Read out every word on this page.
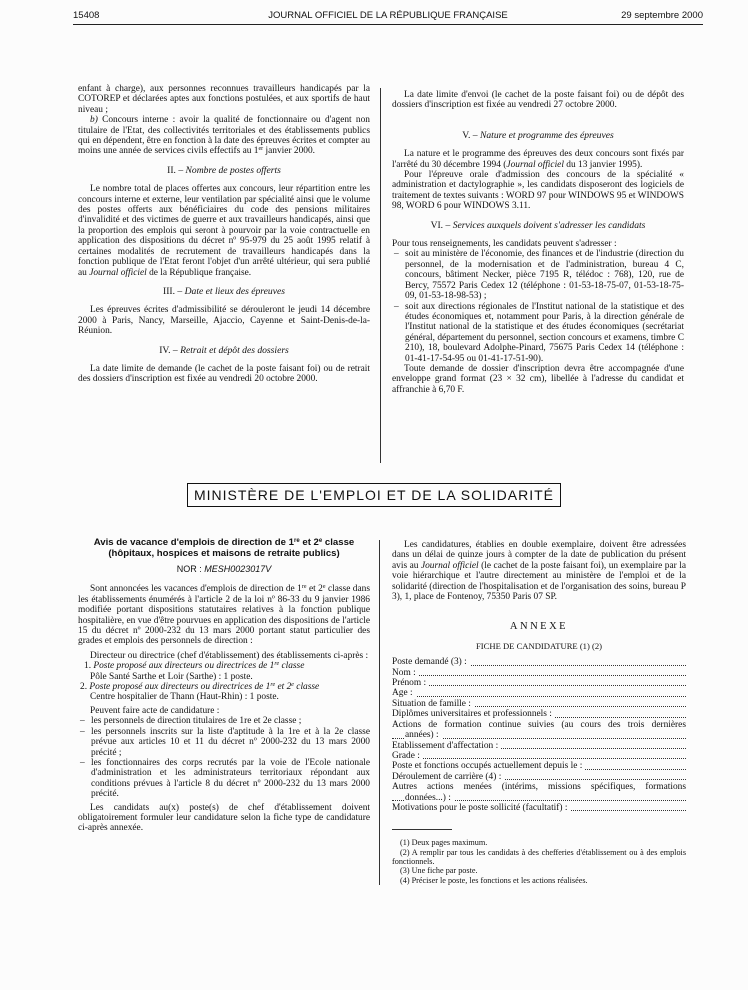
15408	JOURNAL OFFICIEL DE LA RÉPUBLIQUE FRANÇAISE	29 septembre 2000

enfant à charge), aux personnes reconnues travailleurs handicapés par la COTOREP et déclarées aptes aux fonctions postulées, et aux sportifs de haut niveau ;

b) Concours interne : avoir la qualité de fonctionnaire ou d'agent non titulaire de l'Etat, des collectivités territoriales et des établissements publics qui en dépendent, être en fonction à la date des épreuves écrites et compter au moins une année de services civils effectifs au 1er janvier 2000.

II. – Nombre de postes offerts

Le nombre total de places offertes aux concours, leur répartition entre les concours interne et externe, leur ventilation par spécialité ainsi que le volume des postes offerts aux bénéficiaires du code des pensions militaires d'invalidité et des victimes de guerre et aux travailleurs handicapés, ainsi que la proportion des emplois qui seront à pourvoir par la voie contractuelle en application des dispositions du décret nº 95-979 du 25 août 1995 relatif à certaines modalités de recrutement de travailleurs handicapés dans la fonction publique de l'Etat feront l'objet d'un arrêté ultérieur, qui sera publié au Journal officiel de la République française.

III. – Date et lieux des épreuves

Les épreuves écrites d'admissibilité se dérouleront le jeudi 14 décembre 2000 à Paris, Nancy, Marseille, Ajaccio, Cayenne et Saint-Denis-de-la-Réunion.

IV. – Retrait et dépôt des dossiers

La date limite de demande (le cachet de la poste faisant foi) ou de retrait des dossiers d'inscription est fixée au vendredi 20 octobre 2000.

La date limite d'envoi (le cachet de la poste faisant foi) ou de dépôt des dossiers d'inscription est fixée au vendredi 27 octobre 2000.

V. – Nature et programme des épreuves

La nature et le programme des épreuves des deux concours sont fixés par l'arrêté du 30 décembre 1994 (Journal officiel du 13 janvier 1995).

Pour l'épreuve orale d'admission des concours de la spécialité « administration et dactylographie », les candidats disposeront des logiciels de traitement de textes suivants : WORD 97 pour WINDOWS 95 et WINDOWS 98, WORD 6 pour WINDOWS 3.11.

VI. – Services auxquels doivent s'adresser les candidats

Pour tous renseignements, les candidats peuvent s'adresser :

– soit au ministère de l'économie, des finances et de l'industrie (direction du personnel, de la modernisation et de l'administration, bureau 4 C, concours, bâtiment Necker, pièce 7195 R, télédoc : 768), 120, rue de Bercy, 75572 Paris Cedex 12 (téléphone : 01-53-18-75-07, 01-53-18-75-09, 01-53-18-98-53) ;
– soit aux directions régionales de l'Institut national de la statistique et des études économiques et, notamment pour Paris, à la direction générale de l'Institut national de la statistique et des études économiques (secrétariat général, département du personnel, section concours et examens, timbre C 210), 18, boulevard Adolphe-Pinard, 75675 Paris Cedex 14 (téléphone : 01-41-17-54-95 ou 01-41-17-51-90).

Toute demande de dossier d'inscription devra être accompagnée d'une enveloppe grand format (23 × 32 cm), libellée à l'adresse du candidat et affranchie à 6,70 F.

MINISTÈRE DE L'EMPLOI ET DE LA SOLIDARITÉ
Avis de vacance d'emplois de direction de 1re et 2e classe
(hôpitaux, hospices et maisons de retraite publics)
NOR : MESH0023017V

Sont annoncées les vacances d'emplois de direction de 1re et 2e classe dans les établissements énumérés à l'article 2 de la loi nº 86-33 du 9 janvier 1986 modifiée portant dispositions statutaires relatives à la fonction publique hospitalière, en vue d'être pourvues en application des dispositions de l'article 15 du décret nº 2000-232 du 13 mars 2000 portant statut particulier des grades et emplois des personnels de direction :

Directeur ou directrice (chef d'établissement) des établissements ci-après :

1. Poste proposé aux directeurs ou directrices de 1re classe

Pôle Santé Sarthe et Loir (Sarthe) : 1 poste.

2. Poste proposé aux directeurs ou directrices de 1re et 2e classe

Centre hospitalier de Thann (Haut-Rhin) : 1 poste.

Peuvent faire acte de candidature :

– les personnels de direction titulaires de 1re et 2e classe ;
– les personnels inscrits sur la liste d'aptitude à la 1re et à la 2e classe prévue aux articles 10 et 11 du décret nº 2000-232 du 13 mars 2000 précité ;
– les fonctionnaires des corps recrutés par la voie de l'Ecole nationale d'administration et les administrateurs territoriaux répondant aux conditions prévues à l'article 8 du décret nº 2000-232 du 13 mars 2000 précité.

Les candidats au(x) poste(s) de chef d'établissement doivent obligatoirement formuler leur candidature selon la fiche type de candidature ci-après annexée.

Les candidatures, établies en double exemplaire, doivent être adressées dans un délai de quinze jours à compter de la date de publication du présent avis au Journal officiel (le cachet de la poste faisant foi), un exemplaire par la voie hiérarchique et l'autre directement au ministère de l'emploi et de la solidarité (direction de l'hospitalisation et de l'organisation des soins, bureau P 3), 1, place de Fontenoy, 75350 Paris 07 SP.

ANNEXE
FICHE DE CANDIDATURE (1) (2)
Poste demandé (3) :
Nom :
Prénom :
Age :
Situation de famille :
Diplômes universitaires et professionnels :
Actions de formation continue suivies (au cours des trois dernières
années) :
Etablissement d'affectation :
Grade :
Poste et fonctions occupés actuellement depuis le :
Déroulement de carrière (4) :
Autres actions menées (intérims, missions spécifiques, formations
données...) :
Motivations pour le poste sollicité (facultatif) :

(1) Deux pages maximum.

(2) A remplir par tous les candidats à des chefferies d'établissement ou à des emplois fonctionnels.

(3) Une fiche par poste.

(4) Préciser le poste, les fonctions et les actions réalisées.
